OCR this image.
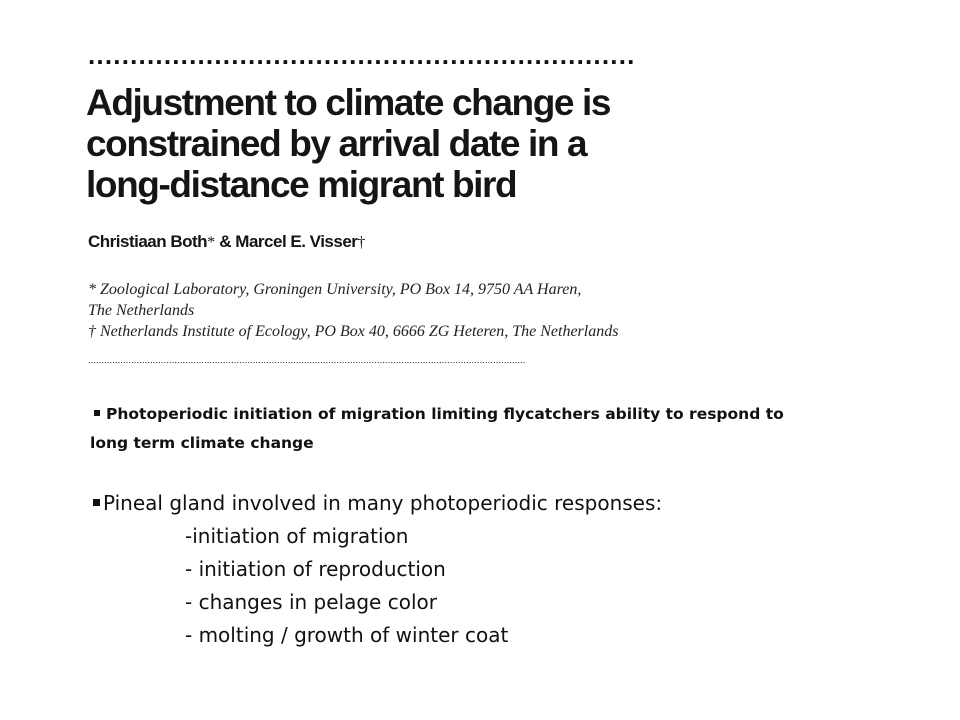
.................................................................
Adjustment to climate change is
constrained by arrival date in a
long-distance migrant bird
Christiaan Both* & Marcel E. Visser†
* Zoological Laboratory, Groningen University, PO Box 14, 9750 AA Haren,
The Netherlands
† Netherlands Institute of Ecology, PO Box 40, 6666 ZG Heteren, The Netherlands
..................................................................................................................................................................
Photoperiodic initiation of migration limiting flycatchers ability to respond to long term climate change
Pineal gland involved in many photoperiodic responses:
-initiation of migration
- initiation of reproduction
- changes in pelage color
- molting / growth of winter coat
